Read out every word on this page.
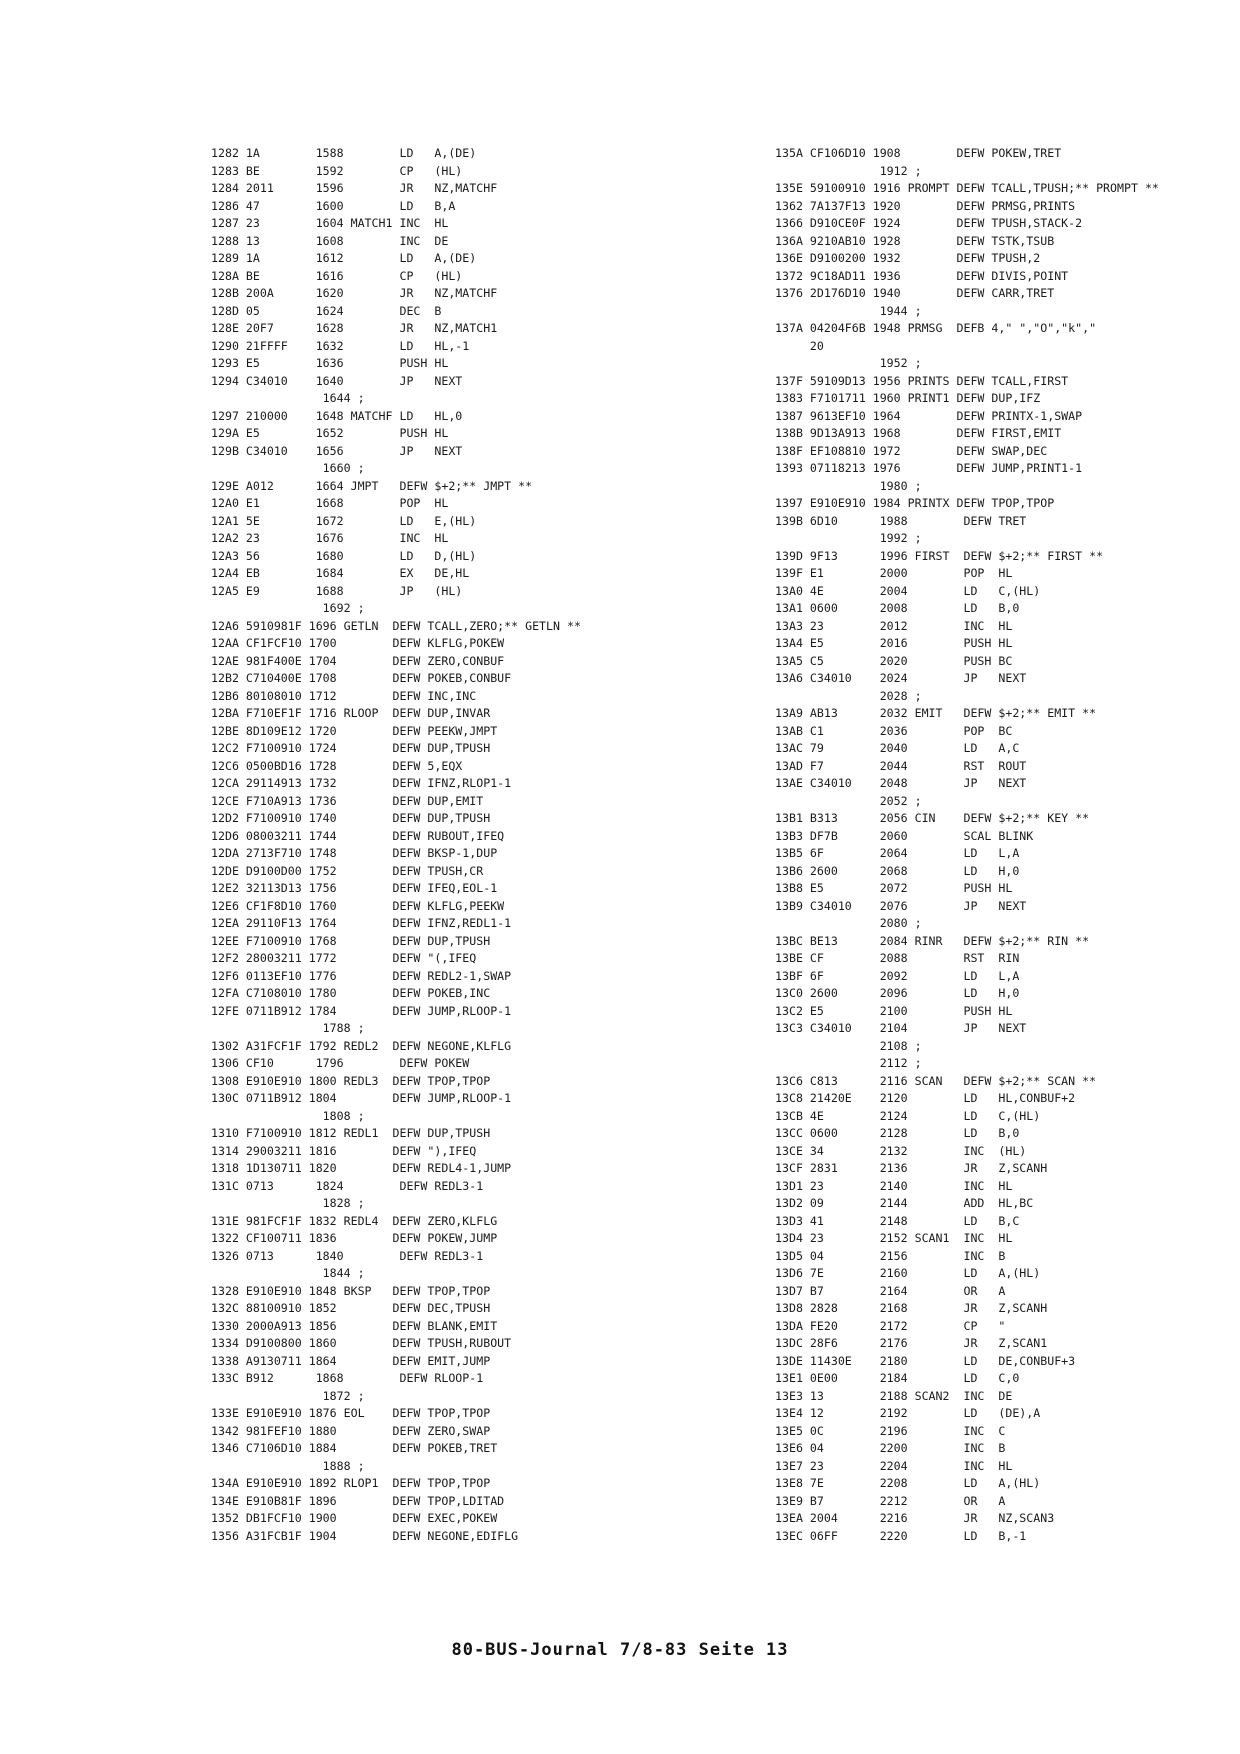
1282 1A        1588        LD   A,(DE)
1283 BE        1592        CP   (HL)
1284 2011      1596        JR   NZ,MATCHF
1286 47        1600        LD   B,A
1287 23        1604 MATCH1 INC  HL
1288 13        1608        INC  DE
1289 1A        1612        LD   A,(DE)
128A BE        1616        CP   (HL)
128B 200A      1620        JR   NZ,MATCHF
128D 05        1624        DEC  B
128E 20F7      1628        JR   NZ,MATCH1
1290 21FFFF    1632        LD   HL,-1
1293 E5        1636        PUSH HL
1294 C34010    1640        JP   NEXT
1644 ;
1297 210000    1648 MATCHF LD   HL,0
129A E5        1652        PUSH HL
129B C34010    1656        JP   NEXT
1660 ;
129E A012      1664 JMPT   DEFW $+2;** JMPT **
12A0 E1        1668        POP  HL
12A1 5E        1672        LD   E,(HL)
12A2 23        1676        INC  HL
12A3 56        1680        LD   D,(HL)
12A4 EB        1684        EX   DE,HL
12A5 E9        1688        JP   (HL)
1692 ;
12A6 5910981F 1696 GETLN  DEFW TCALL,ZERO;** GETLN **
12AA CF1FCF10 1700        DEFW KLFLG,POKEW
12AE 981F400E 1704        DEFW ZERO,CONBUF
12B2 C710400E 1708        DEFW POKEB,CONBUF
12B6 80108010 1712        DEFW INC,INC
12BA F710EF1F 1716 RLOOP  DEFW DUP,INVAR
12BE 8D109E12 1720        DEFW PEEKW,JMPT
12C2 F7100910 1724        DEFW DUP,TPUSH
12C6 0500BD16 1728        DEFW 5,EQX
12CA 29114913 1732        DEFW IFNZ,RLOP1-1
12CE F710A913 1736        DEFW DUP,EMIT
12D2 F7100910 1740        DEFW DUP,TPUSH
12D6 08003211 1744        DEFW RUBOUT,IFEQ
12DA 2713F710 1748        DEFW BKSP-1,DUP
12DE D9100D00 1752        DEFW TPUSH,CR
12E2 32113D13 1756        DEFW IFEQ,EOL-1
12E6 CF1F8D10 1760        DEFW KLFLG,PEEKW
12EA 29110F13 1764        DEFW IFNZ,REDL1-1
12EE F7100910 1768        DEFW DUP,TPUSH
12F2 28003211 1772        DEFW "(,IFEQ
12F6 0113EF10 1776        DEFW REDL2-1,SWAP
12FA C7108010 1780        DEFW POKEB,INC
12FE 0711B912 1784        DEFW JUMP,RLOOP-1
1788 ;
1302 A31FCF1F 1792 REDL2  DEFW NEGONE,KLFLG
1306 CF10      1796        DEFW POKEW
1308 E910E910 1800 REDL3  DEFW TPOP,TPOP
130C 0711B912 1804        DEFW JUMP,RLOOP-1
1808 ;
1310 F7100910 1812 REDL1  DEFW DUP,TPUSH
1314 29003211 1816        DEFW "),IFEQ
1318 1D130711 1820        DEFW REDL4-1,JUMP
131C 0713      1824        DEFW REDL3-1
1828 ;
131E 981FCF1F 1832 REDL4  DEFW ZERO,KLFLG
1322 CF100711 1836        DEFW POKEW,JUMP
1326 0713      1840        DEFW REDL3-1
1844 ;
1328 E910E910 1848 BKSP   DEFW TPOP,TPOP
132C 88100910 1852        DEFW DEC,TPUSH
1330 2000A913 1856        DEFW BLANK,EMIT
1334 D9100800 1860        DEFW TPUSH,RUBOUT
1338 A9130711 1864        DEFW EMIT,JUMP
133C B912      1868        DEFW RLOOP-1
1872 ;
133E E910E910 1876 EOL    DEFW TPOP,TPOP
1342 981FEF10 1880        DEFW ZERO,SWAP
1346 C7106D10 1884        DEFW POKEB,TRET
1888 ;
134A E910E910 1892 RLOP1  DEFW TPOP,TPOP
134E E910B81F 1896        DEFW TPOP,LDITAD
1352 DB1FCF10 1900        DEFW EXEC,POKEW
1356 A31FCB1F 1904        DEFW NEGONE,EDIFLG
135A CF106D10 1908        DEFW POKEW,TRET
1912 ;
135E 59100910 1916 PROMPT DEFW TCALL,TPUSH;** PROMPT **
1362 7A137F13 1920        DEFW PRMSG,PRINTS
1366 D910CE0F 1924        DEFW TPUSH,STACK-2
136A 9210AB10 1928        DEFW TSTK,TSUB
136E D9100200 1932        DEFW TPUSH,2
1372 9C18AD11 1936        DEFW DIVIS,POINT
1376 2D176D10 1940        DEFW CARR,TRET
1944 ;
137A 04204F6B 1948 PRMSG  DEFB 4," ","O","k","
20
1952 ;
137F 59109D13 1956 PRINTS DEFW TCALL,FIRST
1383 F7101711 1960 PRINT1 DEFW DUP,IFZ
1387 9613EF10 1964        DEFW PRINTX-1,SWAP
138B 9D13A913 1968        DEFW FIRST,EMIT
138F EF108810 1972        DEFW SWAP,DEC
1393 07118213 1976        DEFW JUMP,PRINT1-1
1980 ;
1397 E910E910 1984 PRINTX DEFW TPOP,TPOP
139B 6D10      1988        DEFW TRET
1992 ;
139D 9F13      1996 FIRST  DEFW $+2;** FIRST **
139F E1        2000        POP  HL
13A0 4E        2004        LD   C,(HL)
13A1 0600      2008        LD   B,0
13A3 23        2012        INC  HL
13A4 E5        2016        PUSH HL
13A5 C5        2020        PUSH BC
13A6 C34010    2024        JP   NEXT
2028 ;
13A9 AB13      2032 EMIT   DEFW $+2;** EMIT **
13AB C1        2036        POP  BC
13AC 79        2040        LD   A,C
13AD F7        2044        RST  ROUT
13AE C34010    2048        JP   NEXT
2052 ;
13B1 B313      2056 CIN    DEFW $+2;** KEY **
13B3 DF7B      2060        SCAL BLINK
13B5 6F        2064        LD   L,A
13B6 2600      2068        LD   H,0
13B8 E5        2072        PUSH HL
13B9 C34010    2076        JP   NEXT
2080 ;
13BC BE13      2084 RINR   DEFW $+2;** RIN **
13BE CF        2088        RST  RIN
13BF 6F        2092        LD   L,A
13C0 2600      2096        LD   H,0
13C2 E5        2100        PUSH HL
13C3 C34010    2104        JP   NEXT
2108 ;
2112 ;
13C6 C813      2116 SCAN   DEFW $+2;** SCAN **
13C8 21420E    2120        LD   HL,CONBUF+2
13CB 4E        2124        LD   C,(HL)
13CC 0600      2128        LD   B,0
13CE 34        2132        INC  (HL)
13CF 2831      2136        JR   Z,SCANH
13D1 23        2140        INC  HL
13D2 09        2144        ADD  HL,BC
13D3 41        2148        LD   B,C
13D4 23        2152 SCAN1  INC  HL
13D5 04        2156        INC  B
13D6 7E        2160        LD   A,(HL)
13D7 B7        2164        OR   A
13D8 2828      2168        JR   Z,SCANH
13DA FE20      2172        CP   "
13DC 28F6      2176        JR   Z,SCAN1
13DE 11430E    2180        LD   DE,CONBUF+3
13E1 0E00      2184        LD   C,0
13E3 13        2188 SCAN2  INC  DE
13E4 12        2192        LD   (DE),A
13E5 0C        2196        INC  C
13E6 04        2200        INC  B
13E7 23        2204        INC  HL
13E8 7E        2208        LD   A,(HL)
13E9 B7        2212        OR   A
13EA 2004      2216        JR   NZ,SCAN3
13EC 06FF      2220        LD   B,-1
80-BUS-Journal 7/8-83 Seite 13
